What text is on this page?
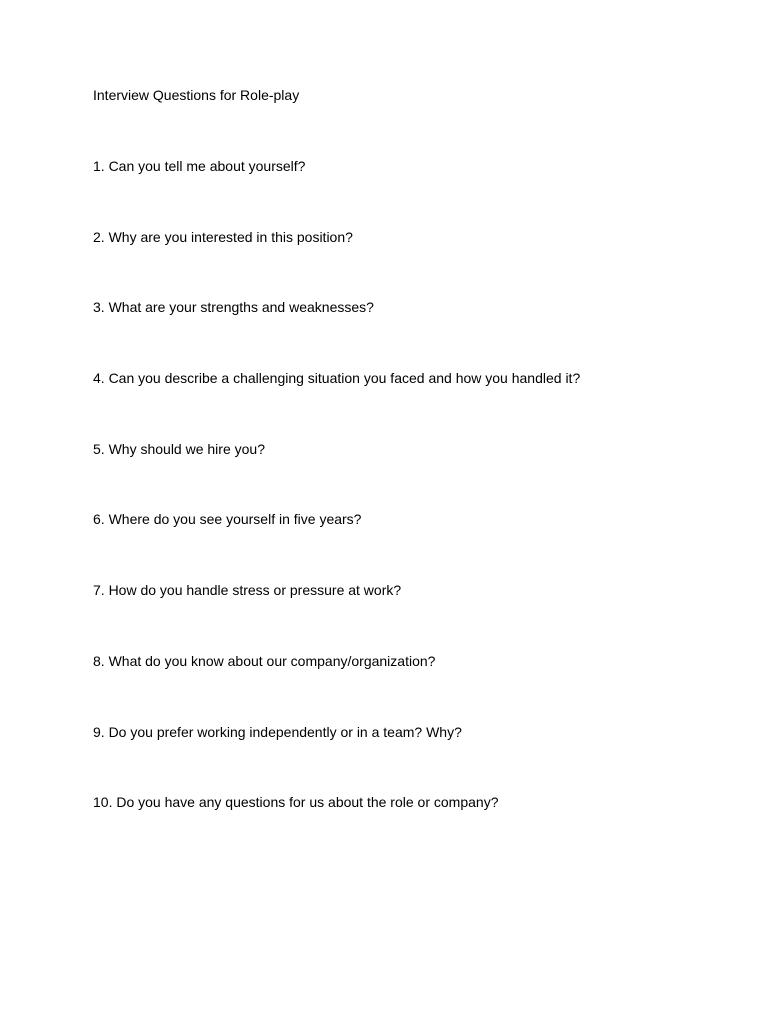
Interview Questions for Role-play
1. Can you tell me about yourself?
2. Why are you interested in this position?
3. What are your strengths and weaknesses?
4. Can you describe a challenging situation you faced and how you handled it?
5. Why should we hire you?
6. Where do you see yourself in five years?
7. How do you handle stress or pressure at work?
8. What do you know about our company/organization?
9. Do you prefer working independently or in a team? Why?
10. Do you have any questions for us about the role or company?
